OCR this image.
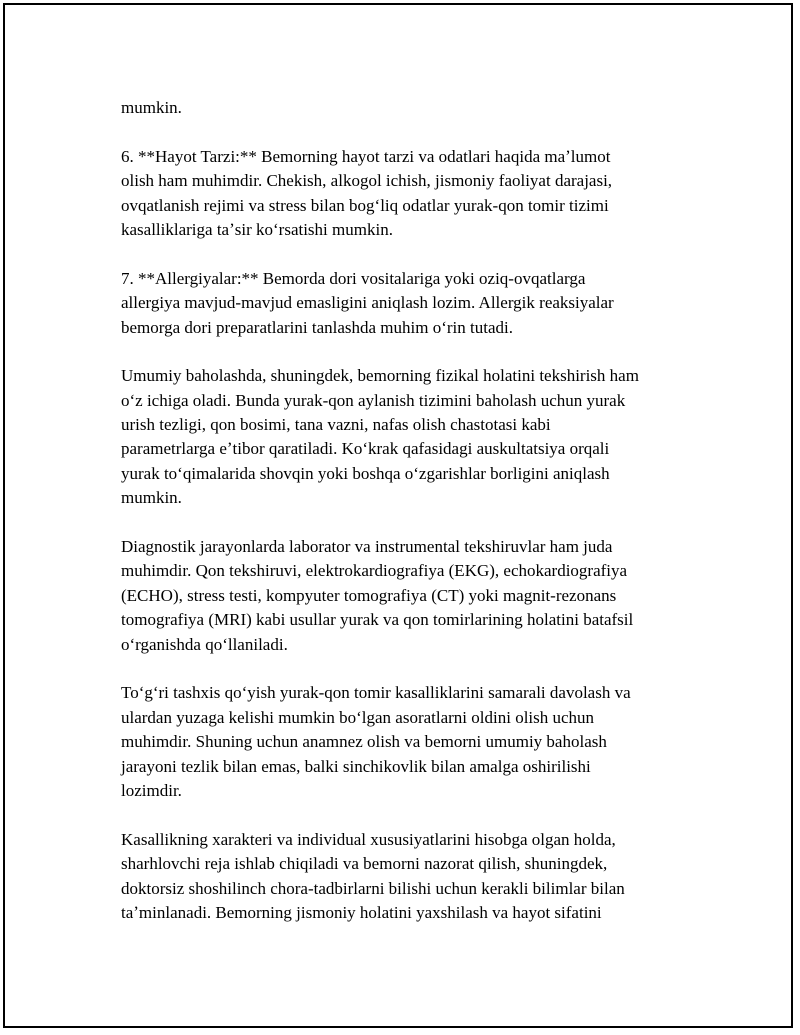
mumkin.
6. **Hayot Tarzi:** Bemorning hayot tarzi va odatlari haqida maʼlumot
olish ham muhimdir. Chekish, alkogol ichish, jismoniy faoliyat darajasi,
ovqatlanish rejimi va stress bilan bogʻliq odatlar yurak-qon tomir tizimi
kasalliklariga taʼsir koʻrsatishi mumkin.
7. **Allergiyalar:** Bemorda dori vositalariga yoki oziq-ovqatlarga
allergiya mavjud-mavjud emasligini aniqlash lozim. Allergik reaksiyalar
bemorga dori preparatlarini tanlashda muhim oʻrin tutadi.
Umumiy baholashda, shuningdek, bemorning fizikal holatini tekshirish ham
oʻz ichiga oladi. Bunda yurak-qon aylanish tizimini baholash uchun yurak
urish tezligi, qon bosimi, tana vazni, nafas olish chastotasi kabi
parametrlarga eʼtibor qaratiladi. Koʻkrak qafasidagi auskultatsiya orqali
yurak toʻqimalarida shovqin yoki boshqa oʻzgarishlar borligini aniqlash
mumkin.
Diagnostik jarayonlarda laborator va instrumental tekshiruvlar ham juda
muhimdir. Qon tekshiruvi, elektrokardiografiya (EKG), echokardiografiya
(ECHO), stress testi, kompyuter tomografiya (CT) yoki magnit-rezonans
tomografiya (MRI) kabi usullar yurak va qon tomirlarining holatini batafsil
oʻrganishda qoʻllaniladi.
Toʻgʻri tashxis qoʻyish yurak-qon tomir kasalliklarini samarali davolash va
ulardan yuzaga kelishi mumkin boʻlgan asoratlarni oldini olish uchun
muhimdir. Shuning uchun anamnez olish va bemorni umumiy baholash
jarayoni tezlik bilan emas, balki sinchikovlik bilan amalga oshirilishi
lozimdir.
Kasallikning xarakteri va individual xususiyatlarini hisobga olgan holda,
sharhlovchi reja ishlab chiqiladi va bemorni nazorat qilish, shuningdek,
doktorsiz shoshilinch chora-tadbirlarni bilishi uchun kerakli bilimlar bilan
taʼminlanadi. Bemorning jismoniy holatini yaxshilash va hayot sifatini
